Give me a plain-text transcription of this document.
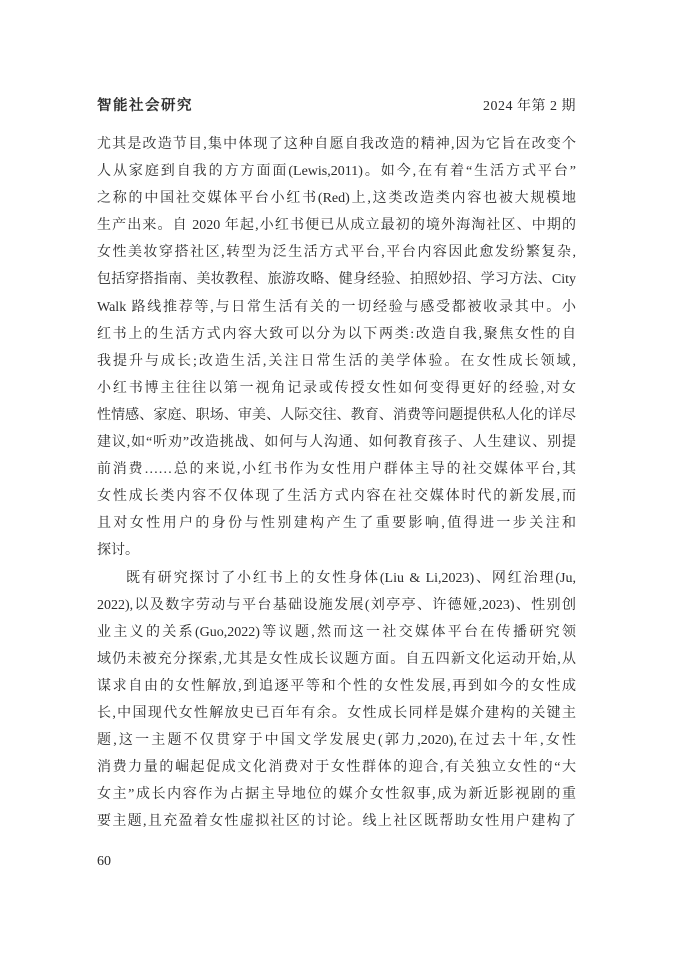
智能社会研究	2024 年第 2 期
尤其是改造节目,集中体现了这种自愿自我改造的精神,因为它旨在改变个
人从家庭到自我的方方面面(Lewis,2011)。如今,在有着“生活方式平台”
之称的中国社交媒体平台小红书(Red)上,这类改造类内容也被大规模地
生产出来。自 2020 年起,小红书便已从成立最初的境外海淘社区、中期的
女性美妆穿搭社区,转型为泛生活方式平台,平台内容因此愈发纷繁复杂,
包括穿搭指南、美妆教程、旅游攻略、健身经验、拍照妙招、学习方法、City
Walk 路线推荐等,与日常生活有关的一切经验与感受都被收录其中。小
红书上的生活方式内容大致可以分为以下两类:改造自我,聚焦女性的自
我提升与成长;改造生活,关注日常生活的美学体验。在女性成长领域,
小红书博主往往以第一视角记录或传授女性如何变得更好的经验,对女
性情感、家庭、职场、审美、人际交往、教育、消费等问题提供私人化的详尽
建议,如“听劝”改造挑战、如何与人沟通、如何教育孩子、人生建议、别提
前消费……总的来说,小红书作为女性用户群体主导的社交媒体平台,其
女性成长类内容不仅体现了生活方式内容在社交媒体时代的新发展,而
且对女性用户的身份与性别建构产生了重要影响,值得进一步关注和
探讨。
既有研究探讨了小红书上的女性身体(Liu & Li,2023)、网红治理(Ju,
2022),以及数字劳动与平台基础设施发展(刘亭亭、许德娅,2023)、性别创
业主义的关系(Guo,2022)等议题,然而这一社交媒体平台在传播研究领
域仍未被充分探索,尤其是女性成长议题方面。自五四新文化运动开始,从
谋求自由的女性解放,到追逐平等和个性的女性发展,再到如今的女性成
长,中国现代女性解放史已百年有余。女性成长同样是媒介建构的关键主
题,这一主题不仅贯穿于中国文学发展史(郭力,2020),在过去十年,女性
消费力量的崛起促成文化消费对于女性群体的迎合,有关独立女性的“大
女主”成长内容作为占据主导地位的媒介女性叙事,成为新近影视剧的重
要主题,且充盈着女性虚拟社区的讨论。线上社区既帮助女性用户建构了
60
